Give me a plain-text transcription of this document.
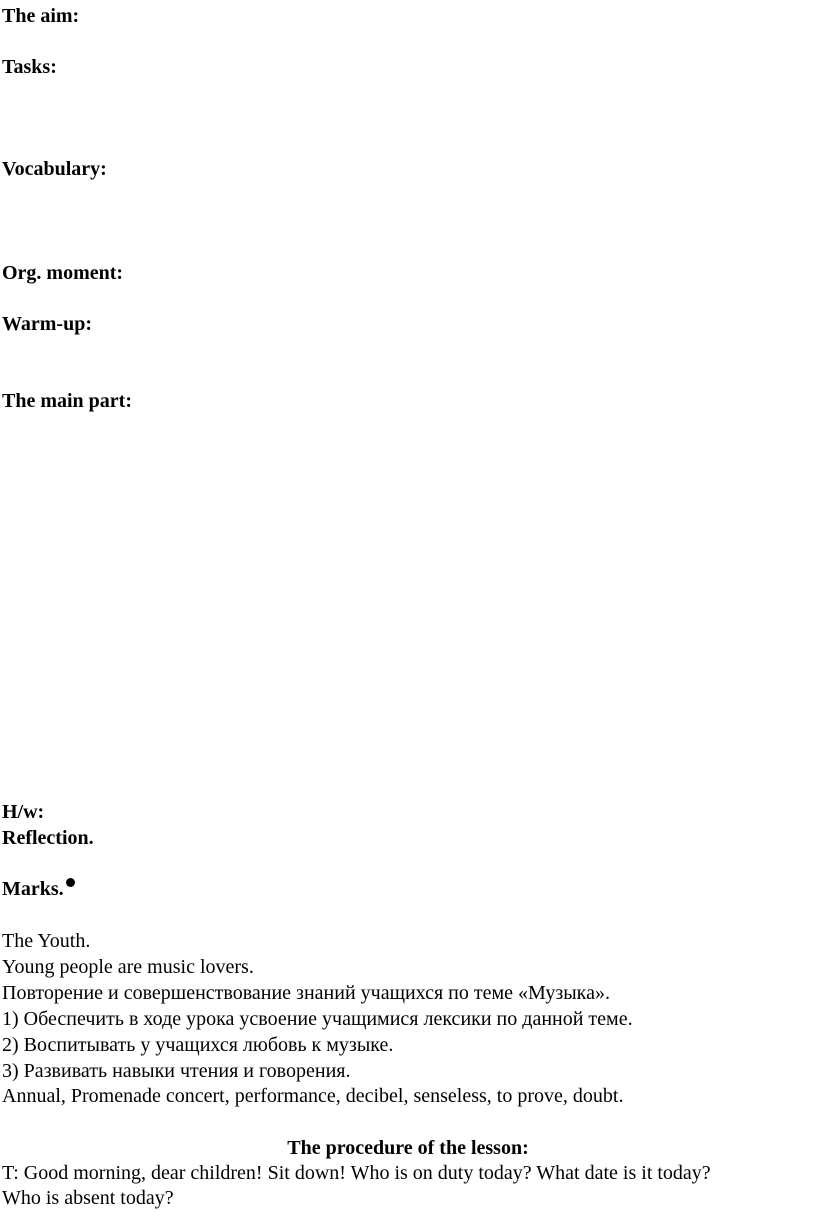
The aim:
Tasks:
Vocabulary:
Org. moment:
Warm-up:
The main part:
H/w:
Reflection.
Marks.
The Youth.
Young people are music lovers.
Повторение и совершенствование знаний учащихся по теме «Музыка».
1) Обеспечить в ходе урока усвоение учащимися лексики по данной теме.
2) Воспитывать у учащихся любовь к музыке.
3) Развивать навыки чтения и говорения.
Annual, Promenade concert, performance, decibel, senseless, to prove, doubt.
The procedure of the lesson:
T: Good morning, dear children! Sit down! Who is on duty today? What date is it today?
Who is absent today?
